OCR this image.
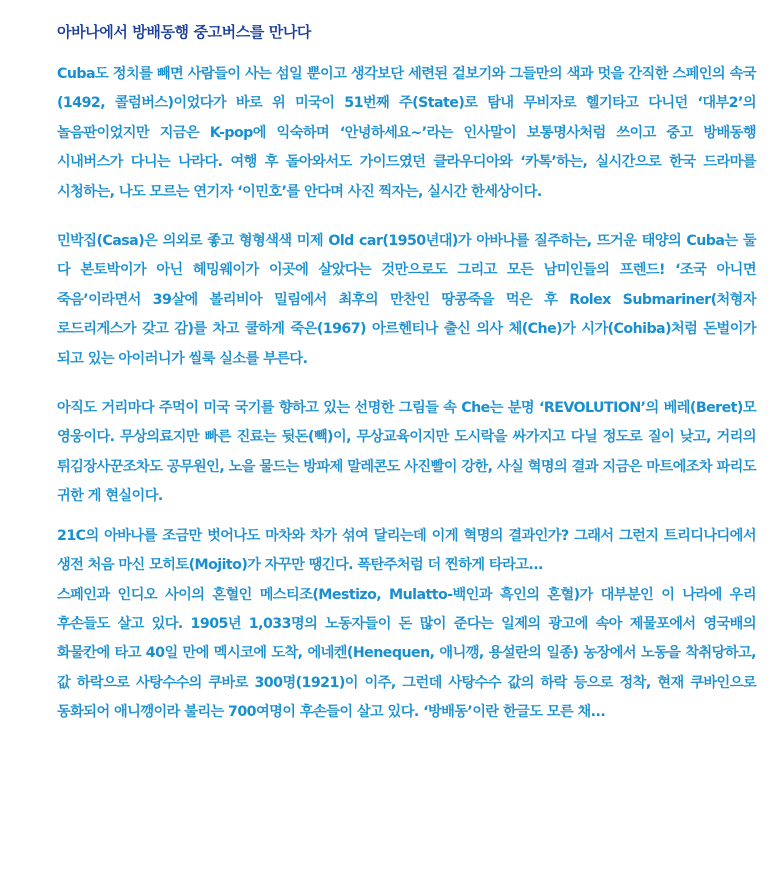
아바나에서 방배동행 중고버스를 만나다

Cuba도 정치를 빼면 사람들이 사는 섬일 뿐이고 생각보단 세련된 겉보기와 그들만의 색과 멋을 간직한 스페인의 속국(1492, 콜럼버스)이었다가 바로 위 미국이 51번째 주(State)로 탐내 무비자로 헬기타고 다니던 ‘대부2’의 놀음판이었지만 지금은 K-pop에 익숙하며 ‘안녕하세요~’라는 인사말이 보통명사처럼 쓰이고 중고 방배동행 시내버스가 다니는 나라다. 여행 후 돌아와서도 가이드였던 클라우디아와 ‘카톡’하는, 실시간으로 한국 드라마를 시청하는, 나도 모르는 연기자 ‘이민호’를 안다며 사진 찍자는, 실시간 한세상이다.

민박집(Casa)은 의외로 좋고 형형색색 미제 Old car(1950년대)가 아바나를 질주하는, 뜨거운 태양의 Cuba는 둘 다 본토박이가 아닌 헤밍웨이가 이곳에 살았다는 것만으로도 그리고 모든 남미인들의 프렌드! ‘조국 아니면 죽음’이라면서 39살에 볼리비아 밀림에서 최후의 만찬인 땅콩죽을 먹은 후 Rolex Submariner(처형자 로드리게스가 갖고 감)를 차고 쿨하게 죽은(1967) 아르헨티나 출신 의사 체(Che)가 시가(Cohiba)처럼 돈벌이가 되고 있는 아이러니가 씰룩 실소를 부른다.

아직도 거리마다 주먹이 미국 국기를 향하고 있는 선명한 그림들 속 Che는 분명 ‘REVOLUTION’의 베레(Beret)모 영웅이다. 무상의료지만 빠른 진료는 뒷돈(빽)이, 무상교육이지만 도시락을 싸가지고 다닐 정도로 질이 낮고, 거리의 튀김장사꾼조차도 공무원인, 노을 물드는 방파제 말레콘도 사진빨이 강한, 사실 혁명의 결과 지금은 마트에조차 파리도 귀한 게 현실이다.

21C의 아바나를 조금만 벗어나도 마차와 차가 섞여 달리는데 이게 혁명의 결과인가? 그래서 그런지 트리디나디에서 생전 처음 마신 모히토(Mojito)가 자꾸만 땡긴다. 폭탄주처럼 더 찐하게 타라고...

스페인과 인디오 사이의 혼혈인 메스티조(Mestizo, Mulatto-백인과 흑인의 혼혈)가 대부분인 이 나라에 우리 후손들도 살고 있다. 1905년 1,033명의 노동자들이 돈 많이 준다는 일제의 광고에 속아 제물포에서 영국배의 화물칸에 타고 40일 만에 멕시코에 도착, 에네켄(Henequen, 애니깽, 용설란의 일종) 농장에서 노동을 착취당하고, 값 하락으로 사탕수수의 쿠바로 300명(1921)이 이주, 그런데 사탕수수 값의 하락 등으로 정착, 현재 쿠바인으로 동화되어 애니깽이라 불리는 700여명이 후손들이 살고 있다. ‘방배동’이란 한글도 모른 채...
